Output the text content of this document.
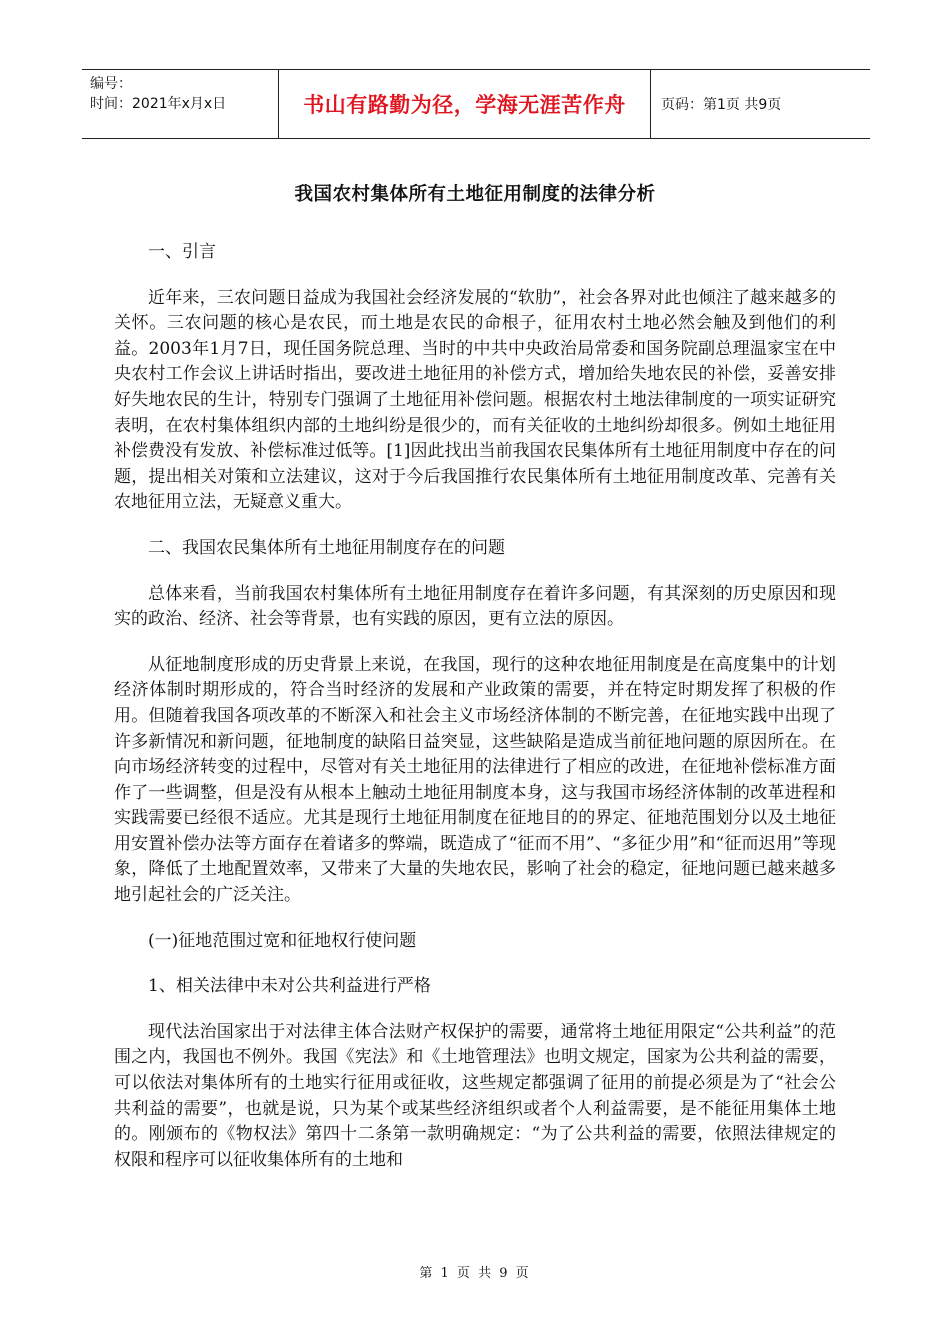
编号：
时间：2021年x月x日	书山有路勤为径，学海无涯苦作舟	页码：第1页 共9页
我国农村集体所有土地征用制度的法律分析

一、引言

近年来，三农问题日益成为我国社会经济发展的“软肋”，社会各界对此也倾注了越来越多的关怀。三农问题的核心是农民，而土地是农民的命根子，征用农村土地必然会触及到他们的利益。2003年1月7日，现任国务院总理、当时的中共中央政治局常委和国务院副总理温家宝在中央农村工作会议上讲话时指出，要改进土地征用的补偿方式，增加给失地农民的补偿，妥善安排好失地农民的生计，特别专门强调了土地征用补偿问题。根据农村土地法律制度的一项实证研究表明，在农村集体组织内部的土地纠纷是很少的，而有关征收的土地纠纷却很多。例如土地征用补偿费没有发放、补偿标准过低等。[1]因此找出当前我国农民集体所有土地征用制度中存在的问题，提出相关对策和立法建议，这对于今后我国推行农民集体所有土地征用制度改革、完善有关农地征用立法，无疑意义重大。

二、我国农民集体所有土地征用制度存在的问题

总体来看，当前我国农村集体所有土地征用制度存在着许多问题，有其深刻的历史原因和现实的政治、经济、社会等背景，也有实践的原因，更有立法的原因。

从征地制度形成的历史背景上来说，在我国，现行的这种农地征用制度是在高度集中的计划经济体制时期形成的，符合当时经济的发展和产业政策的需要，并在特定时期发挥了积极的作用。但随着我国各项改革的不断深入和社会主义市场经济体制的不断完善，在征地实践中出现了许多新情况和新问题，征地制度的缺陷日益突显，这些缺陷是造成当前征地问题的原因所在。在向市场经济转变的过程中，尽管对有关土地征用的法律进行了相应的改进，在征地补偿标准方面作了一些调整，但是没有从根本上触动土地征用制度本身，这与我国市场经济体制的改革进程和实践需要已经很不适应。尤其是现行土地征用制度在征地目的的界定、征地范围划分以及土地征用安置补偿办法等方面存在着诸多的弊端，既造成了“征而不用”、“多征少用”和“征而迟用”等现象，降低了土地配置效率，又带来了大量的失地农民，影响了社会的稳定，征地问题已越来越多地引起社会的广泛关注。

(一)征地范围过宽和征地权行使问题

1、相关法律中未对公共利益进行严格

现代法治国家出于对法律主体合法财产权保护的需要，通常将土地征用限定“公共利益”的范围之内，我国也不例外。我国《宪法》和《土地管理法》也明文规定，国家为公共利益的需要，可以依法对集体所有的土地实行征用或征收，这些规定都强调了征用的前提必须是为了“社会公共利益的需要”，也就是说，只为某个或某些经济组织或者个人利益需要，是不能征用集体土地的。刚颁布的《物权法》第四十二条第一款明确规定：“为了公共利益的需要，依照法律规定的权限和程序可以征收集体所有的土地和

第 1 页 共 9 页
